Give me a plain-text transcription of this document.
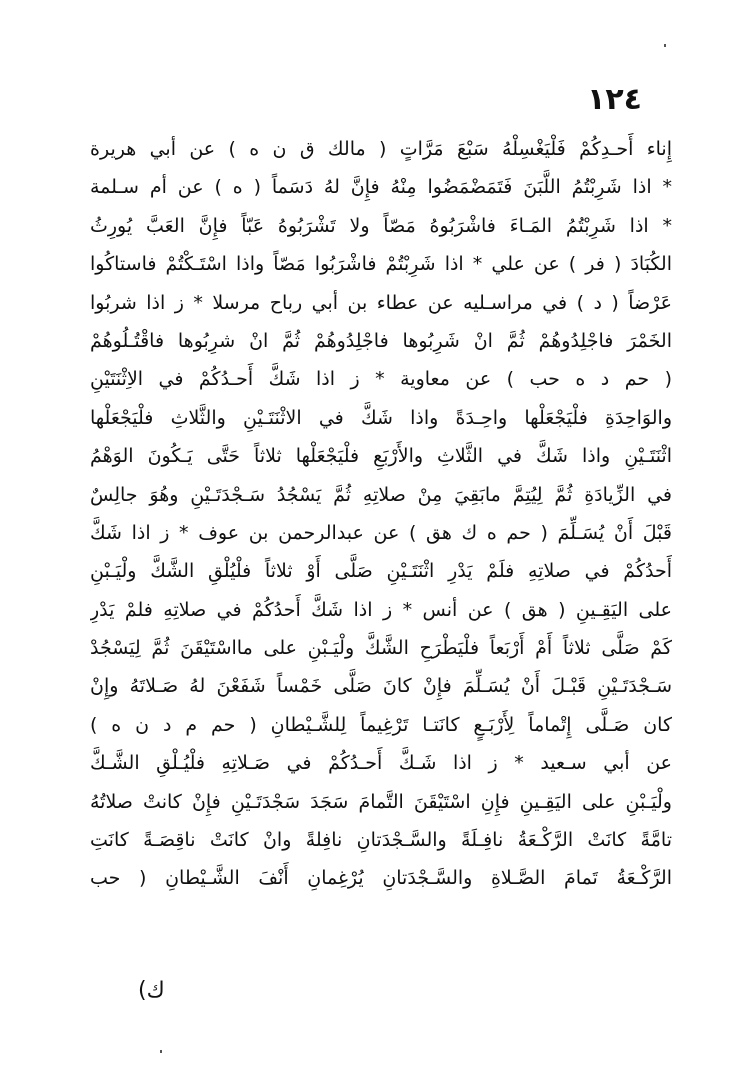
١٢٤
إِناء أَحـدِكُمْ فَلْيَغْسِلْهُ سَبْعَ مَرَّاتٍ ( مالك ق ن ه ) عن أبي هريرة
* اذا شَرِبْتُمُ اللَّبَنَ فَتَمَضْمَضُوا مِنْهُ فإِنَّ لهُ دَسَماً ( ه ) عن أم سـلمة
* اذا شَرِبْتُمُ المَـاءَ فاشْرَبُوهُ مَصّاً ولا تَشْرَبُوهُ عَبّاً فإِنَّ العَبَّ يُورِثُ
الكُبَادَ ( فر ) عن علي * اذا شَرِبْتُمْ فاشْرَبُوا مَصّاً واذا اسْتَـكْتُمْ فاستاكُوا
عَرْضاً ( د ) في مراسـليه عن عطاء بن أبي رباح مرسلا * ز اذا شربُوا
الخَمْرَ فاجْلِدُوهُمْ ثُمَّ انْ شَرِبُوها فاجْلِدُوهُمْ ثُمَّ انْ شرِبُوها فاقْتُـلُوهُمْ
( حم د ه حب ) عن معاوية * ز اذا شَكَّ أَحـدُكُمْ في الاِثْنَتَيْنِ
والوَاحِدَةِ فلْيَجْعَلْها واحِـدَةً واذا شَكَّ في الاثْنَتَـيْنِ والثَّلاثِ فلْيَجْعَلْها
اثْنَتَـيْنِ واذا شَكَّ في الثَّلاثِ والأَرْبَعِ فلْيَجْعَلْها ثلاثاً حَتَّى يَـكُونَ الوَهْمُ
في الزِّيادَةِ ثُمَّ لِيُتِمَّ مابَقِيَ مِنْ صلاتِهِ ثُمَّ يَسْجُدُ سَـجْدَتَـيْنِ وهُوَ جالِسٌ
قَبْلَ أَنْ يُسَـلِّمَ ( حم ه ك هق ) عن عبدالرحمن بن عوف * ز اذا شَكَّ
أَحدُكُمْ في صلاتِهِ فلَمْ يَدْرِ اثْنَتَـيْنِ صَلَّى أَوْ ثلاثاً فلْيُلْقِ الشَّكَّ ولْيَـبْنِ
على اليَقِـينِ ( هق ) عن أنس * ز اذا شَكَّ أَحدُكُمْ في صلاتِهِ فلمْ يَدْرِ
كَمْ صَلَّى ثلاثاً أَمْ أَرْبَعاً فلْيَطْرَحِ الشَّكَّ ولْيَـبْنِ على مااسْتَيْقَنَ ثُمَّ لِيَسْجُدْ
سَـجْدَتَـيْنِ قَبْـلَ أَنْ يُسَـلِّمَ فإِنْ كانَ صَلَّى خَمْساً شَفَعْنَ لهُ صَـلاتَهُ وإِنْ
كان صَـلَّى إِتْماماً لِأَرْبَـعٍ كانَتـا تَرْغِيماً لِلشَّـيْطانِ ( حم م د ن ه )
عن أبي سـعيد * ز اذا شَـكَّ أَحـدُكُمْ في صَـلاتِهِ فلْيُـلْقِ الشَّـكَّ
ولْيَـبْنِ على اليَقِـينِ فإِنِ اسْتَيْقَنَ التَّمامَ سَجَدَ سَجْدَتَـيْنِ فإِنْ كانتْ صلاتُهُ
تامَّةً كانَتْ الرَّكْـعَةُ نافِـلَةً والسَّـجْدَتانِ نافِلةً وانْ كانَتْ ناقِصَـةً كانَتِ
الرَّكْـعَةُ تَمامَ الصَّـلاةِ والسَّـجْدَتانِ يُرْغِمانِ أَنْفَ الشَّـيْطانِ ( حب
ك)
